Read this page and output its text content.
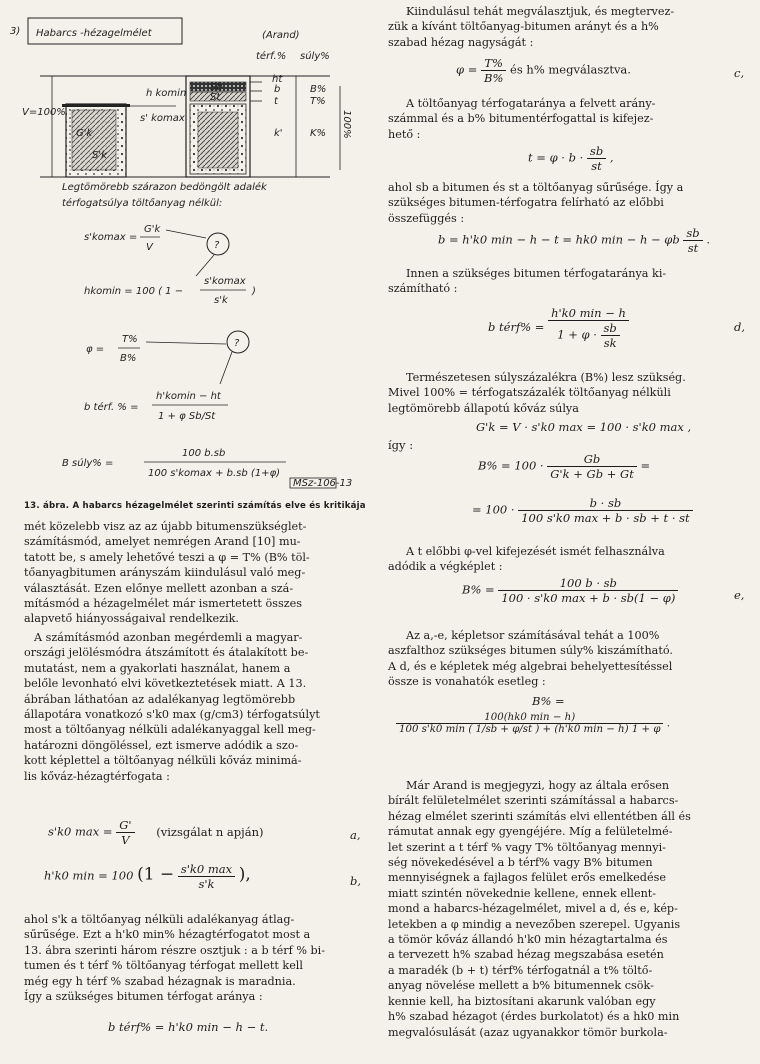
3) Habarcs -hézagelmélet	(Arand)
térf.% súly%
V=100%
G'k
S'k
h komin
s' komax
Sb
St
ht
b
t
k'
B%
T%
K% 100%
Legtömörebb szárazon bedöngölt adalék
térfogatsúlya töltőanyag nélkül:
s'komax =
G'k
V	?
hkomin = 100 ( 1 −
s'komax
s'k
)
φ =
T%
B%
?
b térf. % =
h'komin − ht
1 + φ Sb/St
B súly% =
100 b.sb
100 s'komax + b.sb (1+φ)
MSz-106-13
13. ábra. A habarcs hézagelmélet szerinti számítás elve és kritikája
mét közelebb visz az az újabb bitumenszükséglet-
számításmód, amelyet nemrégen Arand [10] mu-
tatott be, s amely lehetővé teszi a φ = T% (B% töl-
tőanyagbitumen arányszám kiindulásul való meg-
választását. Ezen előnye mellett azonban a szá-
mításmód a hézagelmélet már ismertetett összes
alapvető hiányosságaival rendelkezik.
A számításmód azonban megérdemli a magyar-
országi jelölésmódra átszámított és átalakított be-
mutatást, nem a gyakorlati használat, hanem a
belőle levonható elvi következtetések miatt. A 13.
ábrában láthatóan az adalékanyag legtömörebb
állapotára vonatkozó s'k0 max (g/cm3) térfogatsúlyt
most a töltőanyag nélküli adalékanyaggal kell meg-
határozni döngöléssel, ezt ismerve adódik a szo-
kott képlettel a töltőanyag nélküli kőváz minimá-
lis kőváz-hézagtérfogata :
s'k0 $\max = \frac{G'}{V}$ (vizsgálat n apján)	a,
h'k0 min = 100 ($1 - \frac{s'k0 \max}{s'k}$ ),	b,
ahol s'k a töltőanyag nélküli adalékanyag átlag-
sűrűsége. Ezt a h'k0 min% hézagtérfogatot most a
13. ábra szerinti három részre osztjuk : a b térf % bi-
tumen és t térf % töltőanyag térfogat mellett kell
még egy h térf % szabad hézagnak is maradnia.
Így a szükséges bitumen térfogat aránya :
b térf% = h'k0 min − h − t.
Kiindulásul tehát megválasztjuk, és megtervez-
zük a kívánt töltőanyag-bitumen arányt és a h%
szabad hézag nagyságát :
$\varphi = \frac{T\%}{B\%}$ és h% megválasztva.	c,
A töltőanyag térfogataránya a felvett arány-
számmal és a b% bitumentérfogattal is kifejez-
hető :
$t = \varphi \cdot b \cdot \frac{sb}{st}$ ,
ahol sb a bitumen és st a töltőanyag sűrűsége. Így a
szükséges bitumen-térfogatra felírható az előbbi
összefüggés :
b = h'k0 min − h − t = hk0 min − h − φb $\frac{sb}{st}$ .
Innen a szükséges bitumen térfogataránya ki-
számítható :
b térf% = $\frac{h'k0 \min - h}{1 + \varphi \cdot \frac{sb}{sk}}$	d,
Természetesen súlyszázalékra (B%) lesz szükség.
Mivel 100% = térfogatszázalék töltőanyag nélküli
legtömörebb állapotú kőváz súlya
G'k = V · s'k0 max = 100 · s'k0 max ,
így :
$B\% = 100 \cdot \frac{Gb}{G'k + Gb + Gt}$ =
= $100 \cdot \frac{b \cdot sb}{100 s'k0 \max + b \cdot sb + t \cdot st}$
A t előbbi φ-vel kifejezését ismét felhasználva
adódik a végképlet :
$B\% = \frac{100 b \cdot sb}{100 \cdot s'k0 \max + b \cdot sb(1 - \varphi)}$	e,
Az a,-e, képletsor számításával tehát a 100%
aszfalthoz szükséges bitumen súly% kiszámítható.
A d, és e képletek még algebrai behelyettesítéssel
össze is vonahatók esetleg :
B% =
$\frac{100(hk0 \min - h)}{100 s'k0 \min ( 1/sb + \varphi/st ) + (h'k0 \min - h) 1 + \varphi}$ .
Már Arand is megjegyzi, hogy az általa erősen
bírált felületelmélet szerinti számítással a habarcs-
hézag elmélet szerinti számítás elvi ellentétben áll és
rámutat annak egy gyengéjére. Míg a felületelmé-
let szerint a t térf % vagy T% töltőanyag mennyi-
ség növekedésével a b térf% vagy B% bitumen
mennyiségnek a fajlagos felület erős emelkedése
miatt szintén növekednie kellene, ennek ellent-
mond a habarcs-hézagelmélet, mivel a d, és e, kép-
letekben a φ mindig a nevezőben szerepel. Ugyanis
a tömör kőváz állandó h'k0 min hézagtartalma és
a tervezett h% szabad hézag megszabása esetén
a maradék (b + t) térf% térfogatnál a t% töltő-
anyag növelése mellett a b% bitumennek csök-
kennie kell, ha biztosítani akarunk valóban egy
h% szabad hézagot (érdes burkolatot) és a hk0 min
megvalósulását (azaz ugyanakkor tömör burkola-
